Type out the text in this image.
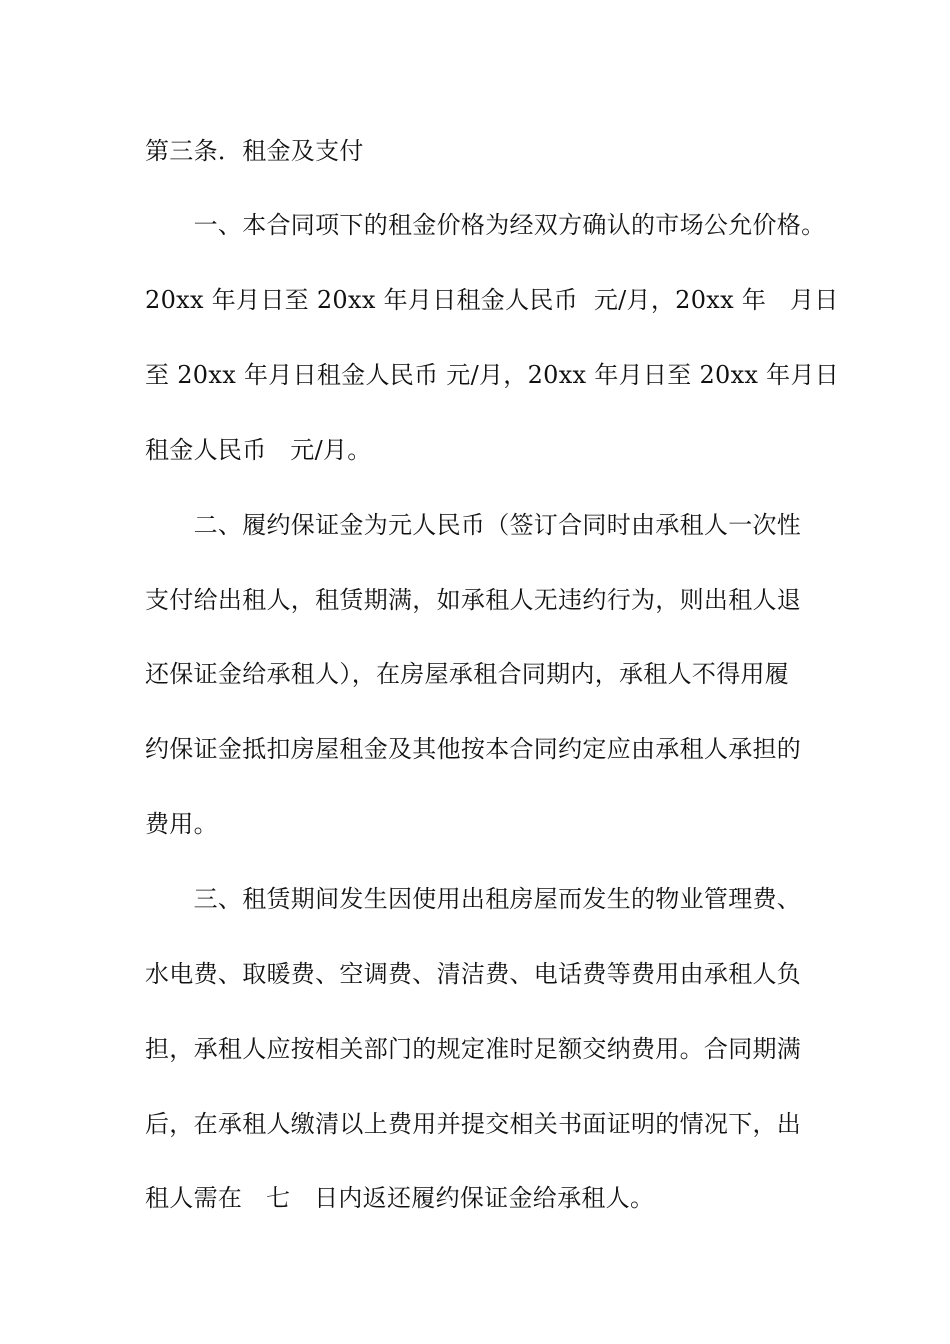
第三条．租金及支付
　　一、本合同项下的租金价格为经双方确认的市场公允价格。
20xx 年月日至 20xx 年月日租金人民币  元/月，20xx 年   月日
至 20xx 年月日租金人民币 元/月，20xx 年月日至 20xx 年月日
租金人民币   元/月。
　　二、履约保证金为元人民币（签订合同时由承租人一次性
支付给出租人，租赁期满，如承租人无违约行为，则出租人退
还保证金给承租人），在房屋承租合同期内，承租人不得用履
约保证金抵扣房屋租金及其他按本合同约定应由承租人承担的
费用。
　　三、租赁期间发生因使用出租房屋而发生的物业管理费、
水电费、取暖费、空调费、清洁费、电话费等费用由承租人负
担，承租人应按相关部门的规定准时足额交纳费用。合同期满
后，在承租人缴清以上费用并提交相关书面证明的情况下，出
租人需在   七   日内返还履约保证金给承租人。
